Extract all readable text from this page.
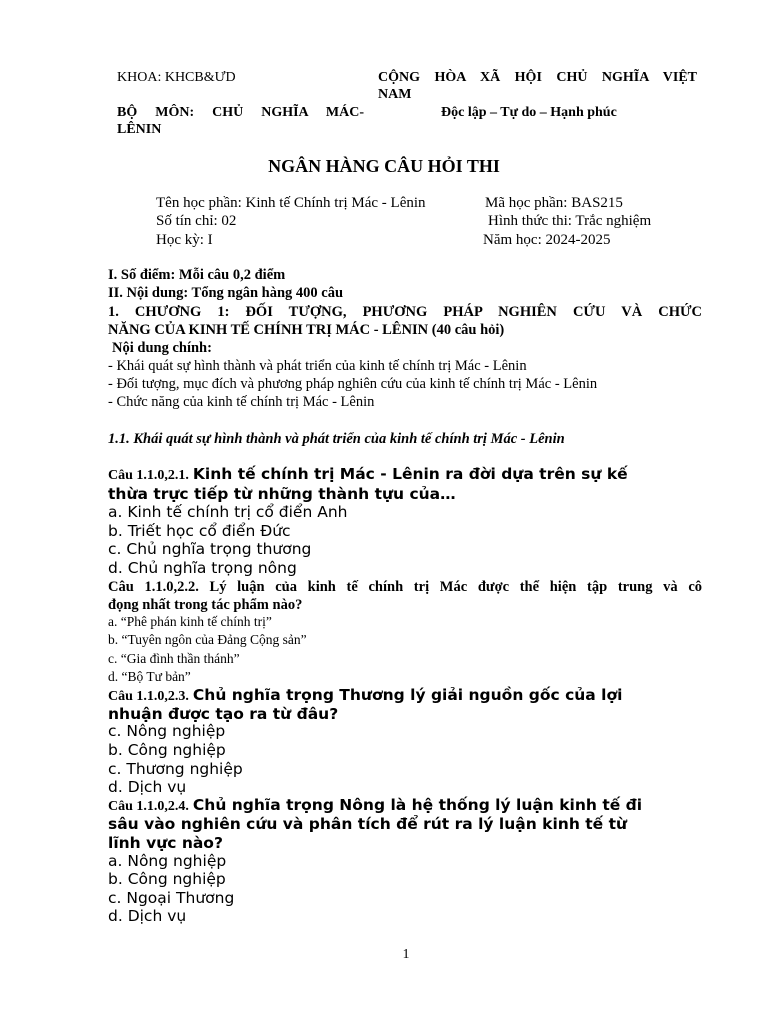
KHOA: KHCB&ƯD	CỘNG HÒA XÃ HỘI CHỦ NGHĨA VIỆT
NAM
BỘ MÔN: CHỦ NGHĨA MÁC-
LÊNIN
Độc lập – Tự do – Hạnh phúc
NGÂN HÀNG CÂU HỎI THI
Tên học phần: Kinh tế Chính trị Mác - Lênin	Mã học phần: BAS215
Số tín chỉ: 02	Hình thức thi: Trắc nghiệm
Học kỳ: I	Năm học: 2024-2025
I. Số điểm: Mỗi câu 0,2 điểm
II. Nội dung: Tổng ngân hàng 400 câu
1. CHƯƠNG 1: ĐỐI TƯỢNG, PHƯƠNG PHÁP NGHIÊN CỨU VÀ CHỨC
NĂNG CỦA KINH TẾ CHÍNH TRỊ MÁC - LÊNIN (40 câu hỏi)
Nội dung chính:
- Khái quát sự hình thành và phát triển của kinh tế chính trị Mác - Lênin
- Đối tượng, mục đích và phương pháp nghiên cứu của kinh tế chính trị Mác - Lênin
- Chức năng của kinh tế chính trị Mác - Lênin
1.1. Khái quát sự hình thành và phát triển của kinh tế chính trị Mác - Lênin
Câu 1.1.0,2.1. Kinh tế chính trị Mác - Lênin ra đời dựa trên sự kế
thừa trực tiếp từ những thành tựu của…
a. Kinh tế chính trị cổ điển Anh
b. Triết học cổ điển Đức
c. Chủ nghĩa trọng thương
d. Chủ nghĩa trọng nông
Câu 1.1.0,2.2. Lý luận của kinh tế chính trị Mác được thể hiện tập trung và cô
đọng nhất trong tác phẩm nào?
a. “Phê phán kinh tế chính trị”
b. “Tuyên ngôn của Đảng Cộng sản”
c. “Gia đình thần thánh”
d. “Bộ Tư bản”
Câu 1.1.0,2.3. Chủ nghĩa trọng Thương lý giải nguồn gốc của lợi
nhuận được tạo ra từ đâu?
c. Nông nghiệp
b. Công nghiệp
c. Thương nghiệp
d. Dịch vụ
Câu 1.1.0,2.4. Chủ nghĩa trọng Nông là hệ thống lý luận kinh tế đi
sâu vào nghiên cứu và phân tích để rút ra lý luận kinh tế từ
lĩnh vực nào?
a. Nông nghiệp
b. Công nghiệp
c. Ngoại Thương
d. Dịch vụ
1
